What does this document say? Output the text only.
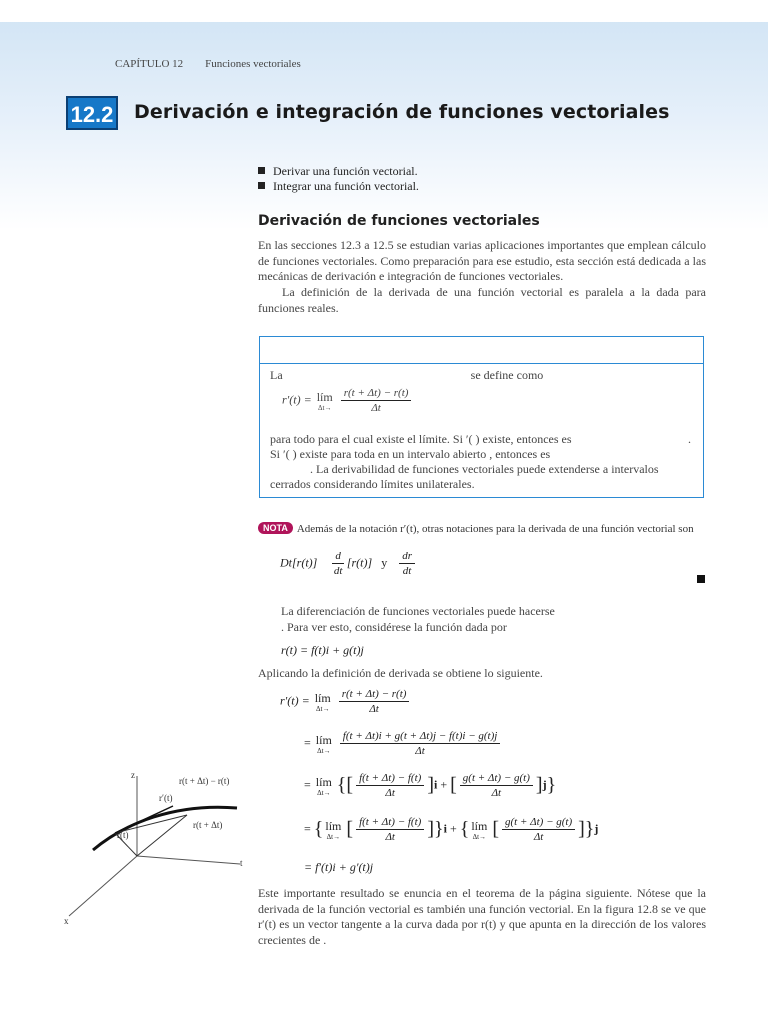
CAPÍTULO 12 Funciones vectoriales
12.2 Derivación e integración de funciones vectoriales
Derivar una función vectorial.
Integrar una función vectorial.
Derivación de funciones vectoriales
En las secciones 12.3 a 12.5 se estudian varias aplicaciones importantes que emplean cálculo de funciones vectoriales. Como preparación para ese estudio, esta sección está dedicada a las mecánicas de derivación e integración de funciones vectoriales.
La definición de la derivada de una función vectorial es paralela a la dada para funciones reales.
La	se define como
r′(t) = lím
Δt→
$\frac{r(t + \Delta t) - r(t)}{\Delta t}$
para todo para el cual existe el límite. Si ′( ) existe, entonces es	.
Si ′( ) existe para toda en un intervalo abierto , entonces es
. La derivabilidad de funciones vectoriales puede extenderse a intervalos cerrados considerando límites unilaterales.
NOTA Además de la notación r′(t), otras notaciones para la derivada de una función vectorial son
$Dt[r(t)] \frac{d}{dt} [r(t)]$ y $\frac{dr}{dt}$
La diferenciación de funciones vectoriales puede hacerse
. Para ver esto, considérese la función dada por
r(t) = f(t)i + g(t)j
Aplicando la definición de derivada se obtiene lo siguiente.
r′(t) = lím
Δt→
$\frac{r(t + \Delta t) - r(t)}{\Delta t}$
= lím
Δt→
$\frac{f(t + \Delta t)i + g(t + \Delta t)j - f(t)i - g(t)j}{\Delta t}$
= lím
Δt→ {[ $\frac{f(t + \Delta t) - f(t)}{\Delta t} ]i$ + [ $\frac{g(t + \Delta t) - g(t)}{\Delta t} ]j$}
= { lím
Δt→ [ $\frac{f(t + \Delta t) - f(t)}{\Delta t} ]\}i$ + { lím
Δt→ [ $\frac{g(t + \Delta t) - g(t)}{\Delta t} ]\}j$
= f′(t)i + g′(t)j
z
x
t
r(t)
r′(t)
r(t + Δt)
r(t + Δt) − r(t)
Este importante resultado se enuncia en el teorema de la página siguiente. Nótese que la derivada de la función vectorial es también una función vectorial. En la figura 12.8 se ve que r′(t) es un vector tangente a la curva dada por r(t) y que apunta en la dirección de los valores crecientes de .
